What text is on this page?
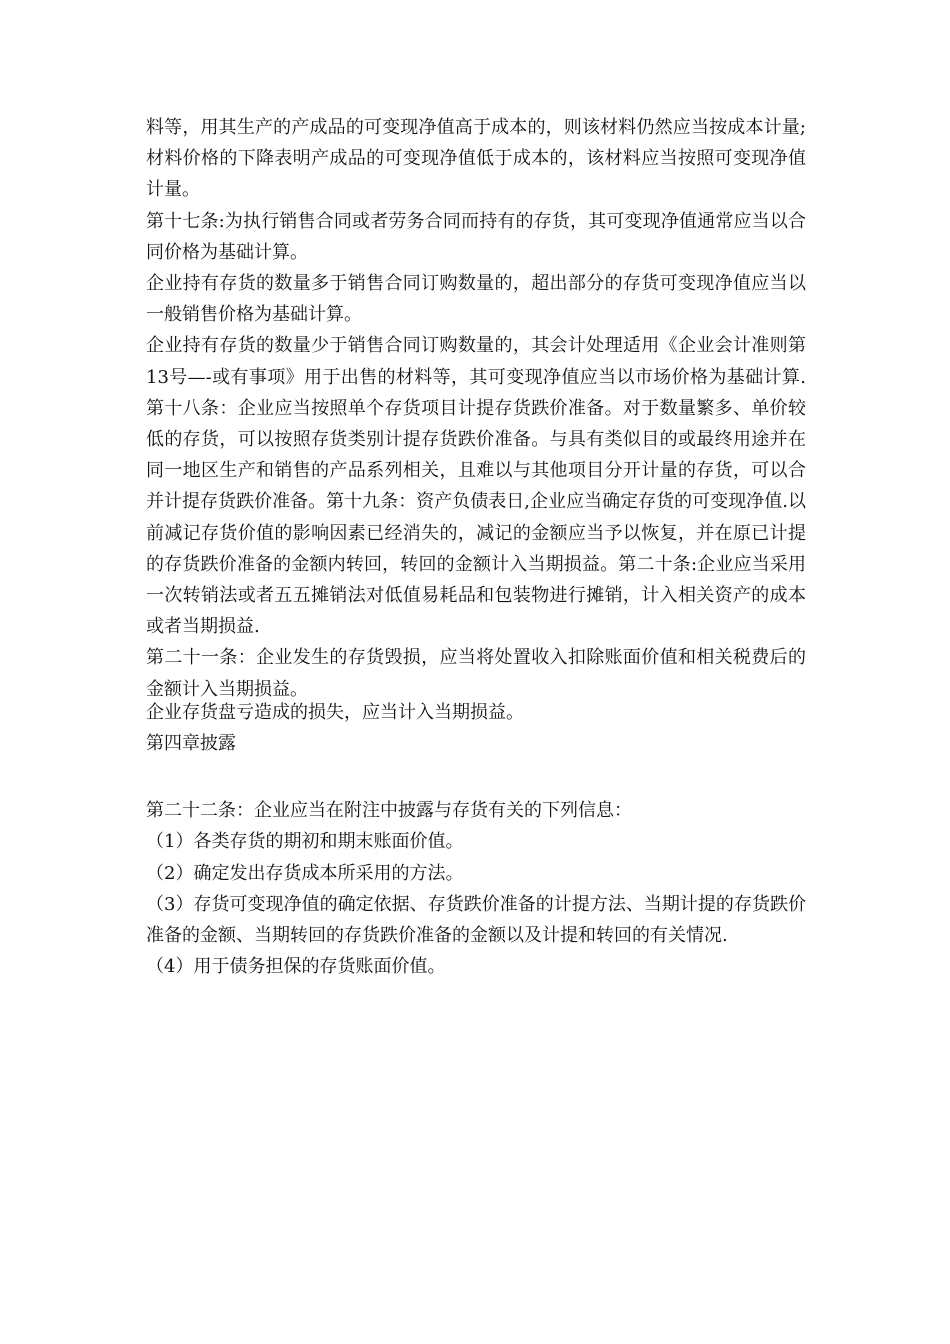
料等，用其生产的产成品的可变现净值高于成本的，则该材料仍然应当按成本计量;材料价格的下降表明产成品的可变现净值低于成本的，该材料应当按照可变现净值计量。

第十七条:为执行销售合同或者劳务合同而持有的存货，其可变现净值通常应当以合同价格为基础计算。

企业持有存货的数量多于销售合同订购数量的，超出部分的存货可变现净值应当以一般销售价格为基础计算。

企业持有存货的数量少于销售合同订购数量的，其会计处理适用《企业会计准则第13号—-或有事项》用于出售的材料等，其可变现净值应当以市场价格为基础计算.第十八条：企业应当按照单个存货项目计提存货跌价准备。对于数量繁多、单价较低的存货，可以按照存货类别计提存货跌价准备。与具有类似目的或最终用途并在同一地区生产和销售的产品系列相关，且难以与其他项目分开计量的存货，可以合并计提存货跌价准备。第十九条：资产负债表日,企业应当确定存货的可变现净值.以前减记存货价值的影响因素已经消失的，减记的金额应当予以恢复，并在原已计提的存货跌价准备的金额内转回，转回的金额计入当期损益。第二十条:企业应当采用一次转销法或者五五摊销法对低值易耗品和包装物进行摊销，计入相关资产的成本或者当期损益.

第二十一条：企业发生的存货毁损，应当将处置收入扣除账面价值和相关税费后的金额计入当期损益。

企业存货盘亏造成的损失，应当计入当期损益。

第四章披露

第二十二条：企业应当在附注中披露与存货有关的下列信息：

（1）各类存货的期初和期末账面价值。

（2）确定发出存货成本所采用的方法。

（3）存货可变现净值的确定依据、存货跌价准备的计提方法、当期计提的存货跌价准备的金额、当期转回的存货跌价准备的金额以及计提和转回的有关情况.

（4）用于债务担保的存货账面价值。
